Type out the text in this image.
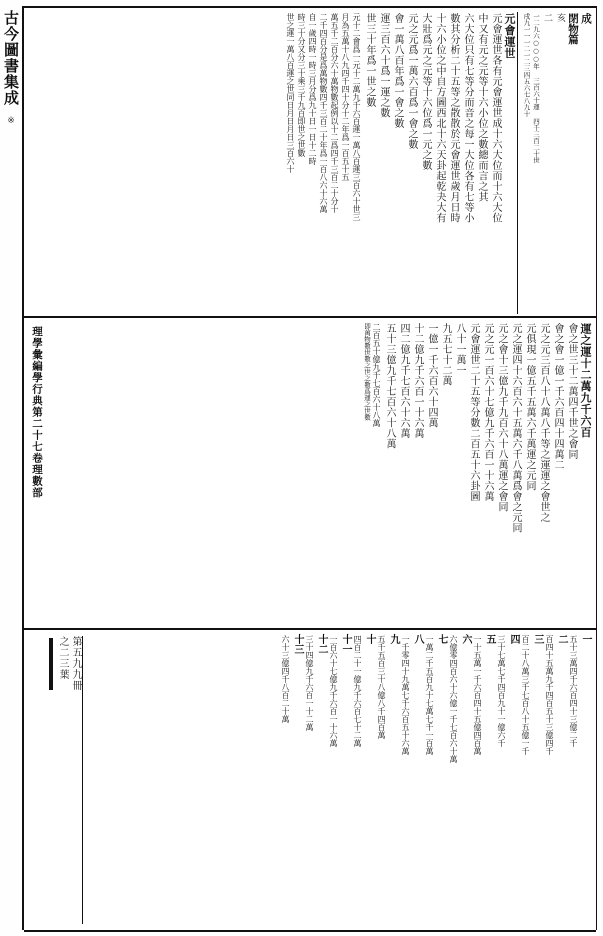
古今圖書集成
※
成
閉物篇
亥
二
一二九六○○○年 三百六十運 四千三百二十世
戌九一一一二一二三四五六七八九十
元會運世
元會運世各有元會運世成十六大位而十六大位
中又有元之元等十六小位之數總而言之其
六大位只有七等分而音之每一大位各有七等小
數其分析二十五等之散散於元會運世歲月日時
十六小位之中自方圖西北十六天卦起乾夬大有
大壯爲元之元等十六位爲一元之數
元之元爲一萬六百爲一會之數
會一萬八百年爲一會之數
運三百六十爲一運之數
世三十年爲一世之數
元十二會爲一元十二萬九千六百運一萬八百運三百六十世三
月為五萬十八九四千四十分十二年爲一百五十五
萬五千二百分六十萬物數起例以十二爲四千三百二十分十
二千四百分是爲萬物數四千三百二十年爲一百八六十六萬
自一歲四時一時三月分爲九十日一日十二時
時三十分又分三十乘三千九百即世之世數
世之運一萬八百運之世同日月日月日三百六十
運之運十二萬九千六百
會之世三十二萬四千世之會同
會之會一億一千六百四十四萬二
元之元三百八十八萬八千等之運運之會世之
元俱現一億五千五萬六千萬運之元同
元之運四十六百六十五萬六千八萬爲會之元同
元之會十三億九千九百六十八萬運之會同
元之元一百六十七億九千六百一十六萬
元會運世二十五等分數二百五十六卦圖
八十一萬一
九五七十二萬
一億一千六百六十四萬
十二億九千六百一十六萬
四二億九千七百六十六萬
五十三億九千七百六十八萬
二百五十億九千七百六十八萬
即萬物數世數之世之數爲運之世數
理學彙編學行典第二十七卷理數部
一
五十三萬四千六百四十三億二千
二
百四十五萬九千四百五十三億四千
三
百二十八萬三千七百八十五億一千
四
三十七萬七千四百九十一億六千
五
一十五萬一千六百四十五億四百萬
六
六億零四百六十六億一千七百六十萬
七
一萬二千五百九十七萬七千一百萬
八
一千零四十九萬七千六百五十六萬
九
五千五百三十八億八千四百萬
十
四百二十一億九千六百七十二萬
十一
一百六十七億九千六百一十六萬
十二
三十四億九千六百一十二萬
十三
六十三億四千八百二十萬
第五九九冊
之二三葉
